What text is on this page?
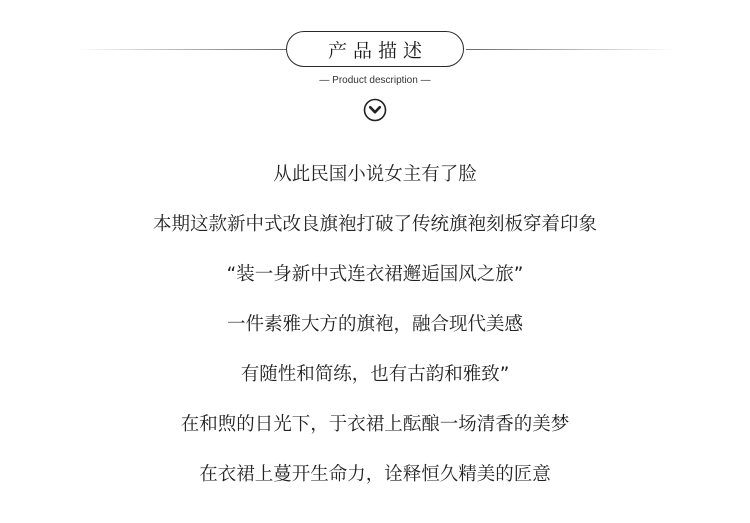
产品描述
— Product description —
从此民国小说女主有了脸
本期这款新中式改良旗袍打破了传统旗袍刻板穿着印象
“装一身新中式连衣裙邂逅国风之旅”
一件素雅大方的旗袍，融合现代美感
有随性和简练，也有古韵和雅致”
在和煦的日光下，于衣裙上酝酿一场清香的美梦
在衣裙上蔓开生命力，诠释恒久精美的匠意
